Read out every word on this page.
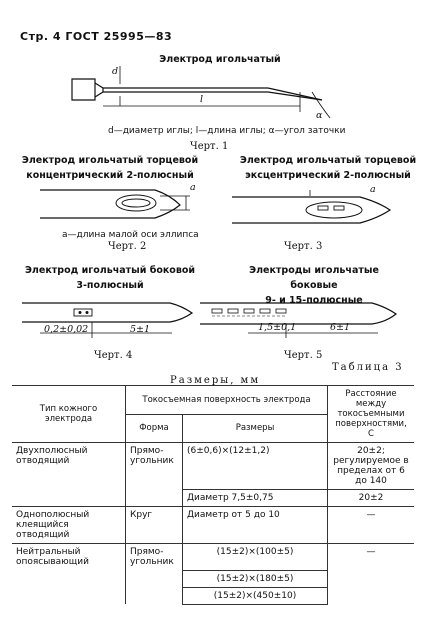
Стр. 4 ГОСТ 25995—83
Электрод игольчатый
d
l
α
d—диаметр иглы; l—длина иглы; α—угол заточки
Черт. 1
Электрод игольчатый торцевой
концентрический 2-полюсный
a
a—длина малой оси эллипса
Черт. 2
Электрод игольчатый торцевой
эксцентрический 2-полюсный
a
Черт. 3
Электрод игольчатый боковой
3-полюсный
0,2±0,02	5±1
Черт. 4
Электроды игольчатые боковые
9- и 15-полюсные
1,5±0,1	6±1
Черт. 5
Таблица 3
Размеры, мм
Тип кожного электрода	Токосъемная поверхность электрода		Расстояние между токосъемными поверхностями, C
	Форма	Размеры	
Двухполюсный отводящий	Прямо-угольник	(6±0,6)×(12±1,2)	20±2; регулируемое в пределах от 6 до 140
		Диаметр 7,5±0,75	20±2
Однополюсный клеящийся отводящий	Круг	Диаметр от 5 до 10	—
Нейтральный опоясывающий	Прямо-угольник	(15±2)×(100±5)	—
		(15±2)×(180±5)	
		(15±2)×(450±10)	
